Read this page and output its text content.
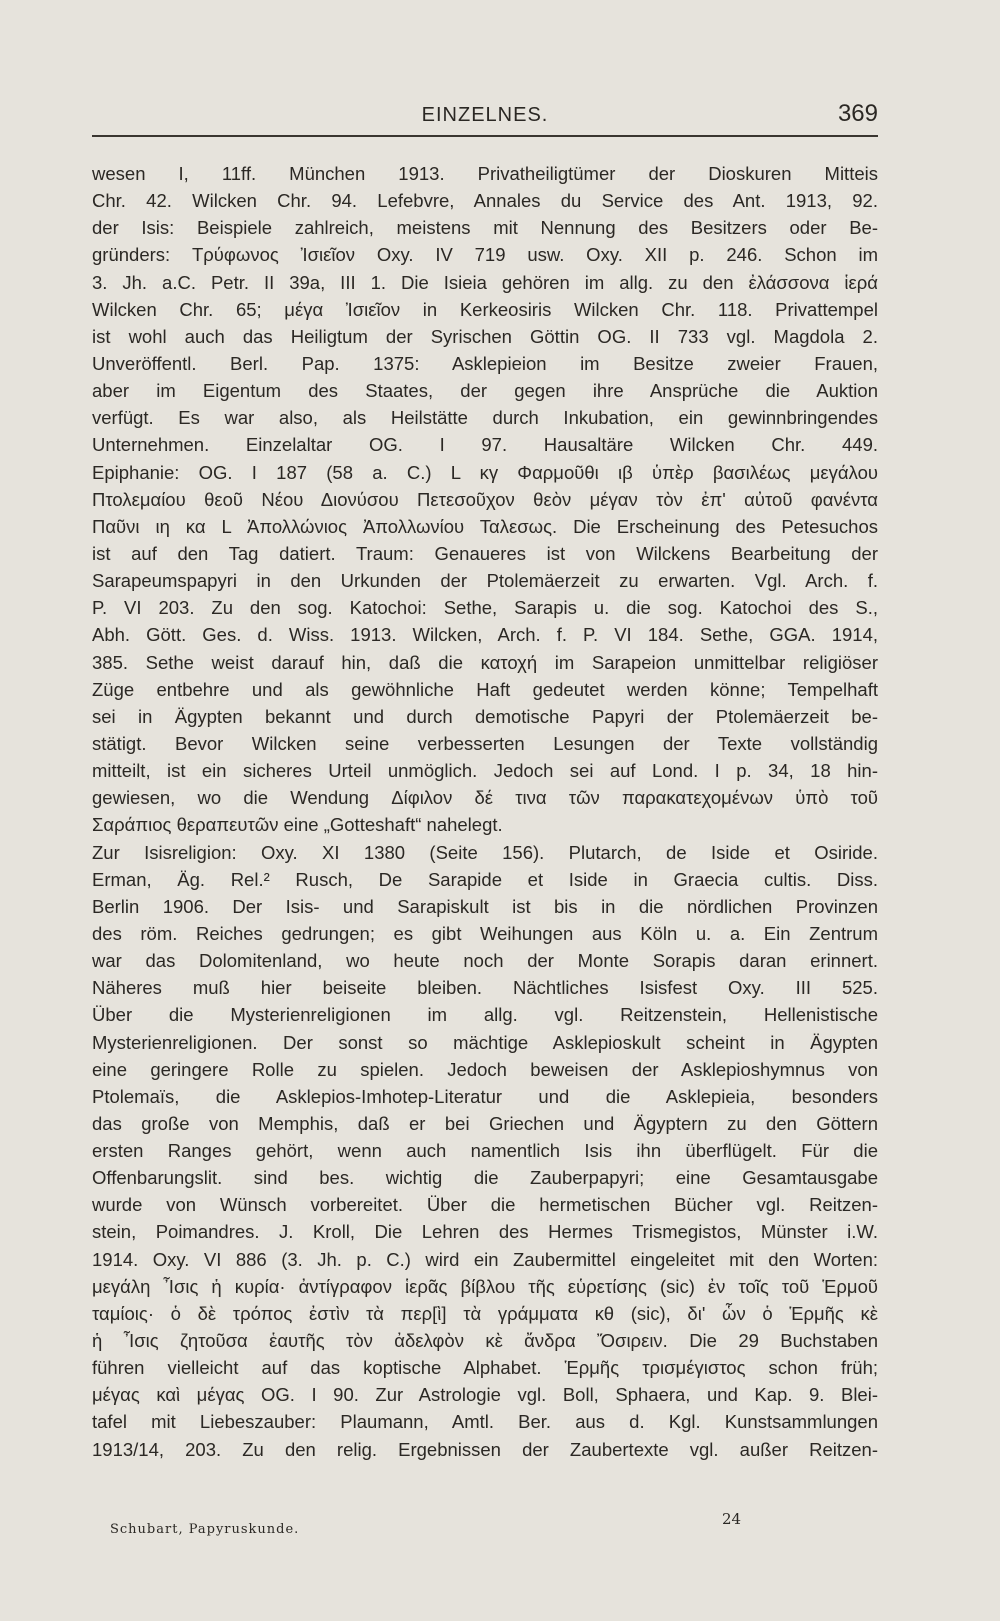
EINZELNES.	369
wesen I, 11ff. München 1913. Privatheiligtümer der Dioskuren Mitteis
Chr. 42. Wilcken Chr. 94. Lefebvre, Annales du Service des Ant. 1913, 92.
der Isis: Beispiele zahlreich, meistens mit Nennung des Besitzers oder Be-
gründers: Τρύφωνος Ἰσιεῖον Oxy. IV 719 usw. Oxy. XII p. 246. Schon im
3. Jh. a.C. Petr. II 39a, III 1. Die Isieia gehören im allg. zu den ἐλάσσονα ἱερά
Wilcken Chr. 65; μέγα Ἰσιεῖον in Kerkeosiris Wilcken Chr. 118. Privattempel
ist wohl auch das Heiligtum der Syrischen Göttin OG. II 733 vgl. Magdola 2.
Unveröffentl. Berl. Pap. 1375: Asklepieion im Besitze zweier Frauen,
aber im Eigentum des Staates, der gegen ihre Ansprüche die Auktion
verfügt. Es war also, als Heilstätte durch Inkubation, ein gewinnbringendes
Unternehmen. Einzelaltar OG. I 97. Hausaltäre Wilcken Chr. 449.
Epiphanie: OG. I 187 (58 a. C.) L κγ Φαρμοῦθι ιβ ὑπὲρ βασιλέως μεγάλου
Πτολεμαίου θεοῦ Νέου Διονύσου Πετεσοῦχον θεὸν μέγαν τὸν ἐπ' αὐτοῦ φανέντα
Παῦνι ιη κα L Ἀπολλώνιος Ἀπολλωνίου Ταλεσως. Die Erscheinung des Petesuchos
ist auf den Tag datiert. Traum: Genaueres ist von Wilckens Bearbeitung der
Sarapeumspapyri in den Urkunden der Ptolemäerzeit zu erwarten. Vgl. Arch. f.
P. VI 203. Zu den sog. Katochoi: Sethe, Sarapis u. die sog. Katochoi des S.,
Abh. Gött. Ges. d. Wiss. 1913. Wilcken, Arch. f. P. VI 184. Sethe, GGA. 1914,
385. Sethe weist darauf hin, daß die κατοχή im Sarapeion unmittelbar religiöser
Züge entbehre und als gewöhnliche Haft gedeutet werden könne; Tempelhaft
sei in Ägypten bekannt und durch demotische Papyri der Ptolemäerzeit be-
stätigt. Bevor Wilcken seine verbesserten Lesungen der Texte vollständig
mitteilt, ist ein sicheres Urteil unmöglich. Jedoch sei auf Lond. I p. 34, 18 hin-
gewiesen, wo die Wendung Δίφιλον δέ τινα τῶν παρακατεχομένων ὑπὸ τοῦ
Σαράπιος θεραπευτῶν eine „Gotteshaft“ nahelegt.
Zur Isisreligion: Oxy. XI 1380 (Seite 156). Plutarch, de Iside et Osiride.
Erman, Äg. Rel.² Rusch, De Sarapide et Iside in Graecia cultis. Diss.
Berlin 1906. Der Isis- und Sarapiskult ist bis in die nördlichen Provinzen
des röm. Reiches gedrungen; es gibt Weihungen aus Köln u. a. Ein Zentrum
war das Dolomitenland, wo heute noch der Monte Sorapis daran erinnert.
Näheres muß hier beiseite bleiben. Nächtliches Isisfest Oxy. III 525.
Über die Mysterienreligionen im allg. vgl. Reitzenstein, Hellenistische
Mysterienreligionen. Der sonst so mächtige Asklepioskult scheint in Ägypten
eine geringere Rolle zu spielen. Jedoch beweisen der Asklepioshymnus von
Ptolemaïs, die Asklepios-Imhotep-Literatur und die Asklepieia, besonders
das große von Memphis, daß er bei Griechen und Ägyptern zu den Göttern
ersten Ranges gehört, wenn auch namentlich Isis ihn überflügelt. Für die
Offenbarungslit. sind bes. wichtig die Zauberpapyri; eine Gesamtausgabe
wurde von Wünsch vorbereitet. Über die hermetischen Bücher vgl. Reitzen-
stein, Poimandres. J. Kroll, Die Lehren des Hermes Trismegistos, Münster i.W.
1914. Oxy. VI 886 (3. Jh. p. C.) wird ein Zaubermittel eingeleitet mit den Worten:
μεγάλη Ἶσις ἡ κυρία· ἀντίγραφον ἱερᾶς βίβλου τῆς εὑρετίσης (sic) ἐν τοῖς τοῦ Ἑρμοῦ
ταμίοις· ὁ δὲ τρόπος ἐστὶν τὰ περ[ὶ] τὰ γράμματα κθ (sic), δι' ὧν ὁ Ἑρμῆς κὲ
ἡ Ἶσις ζητοῦσα ἑαυτῆς τὸν ἀδελφὸν κὲ ἄνδρα Ὄσιρειν. Die 29 Buchstaben
führen vielleicht auf das koptische Alphabet. Ἑρμῆς τρισμέγιστος schon früh;
μέγας καὶ μέγας OG. I 90. Zur Astrologie vgl. Boll, Sphaera, und Kap. 9. Blei-
tafel mit Liebeszauber: Plaumann, Amtl. Ber. aus d. Kgl. Kunstsammlungen
1913/14, 203. Zu den relig. Ergebnissen der Zaubertexte vgl. außer Reitzen-
Schubart, Papyruskunde.
24
